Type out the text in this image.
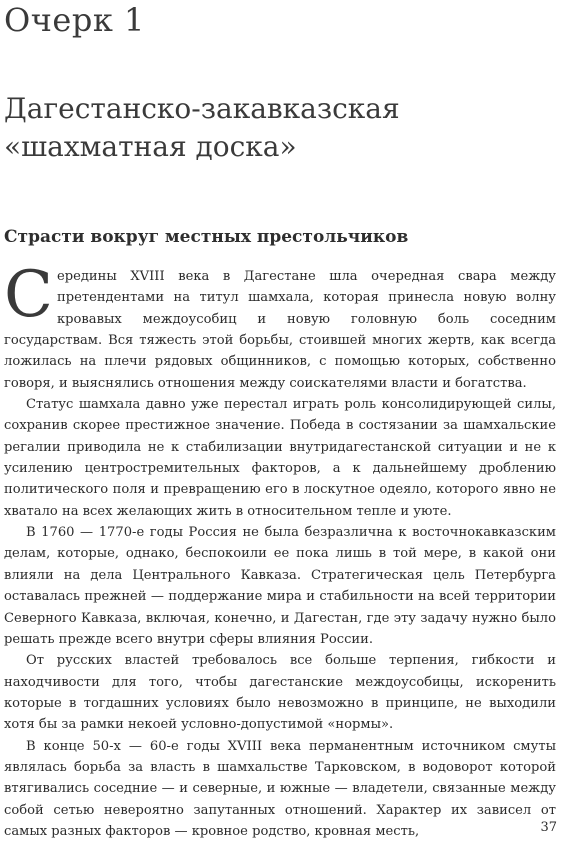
Очерк 1
Дагестанско-закавказская
«шахматная доска»
Страсти вокруг местных престольчиков

Середины XVIII века в Дагестане шла очередная свара между претендентами на титул шамхала, которая принесла новую волну кровавых междоусобиц и новую головную боль соседним государствам. Вся тяжесть этой борьбы, стоившей многих жертв, как всегда ложилась на плечи рядовых общинников, с помощью которых, собственно говоря, и выяснялись отношения между соискателями власти и богатства.

Статус шамхала давно уже перестал играть роль консолидирующей силы, сохранив скорее престижное значение. Победа в состязании за шамхальские регалии приводила не к стабилизации внутридагестанской ситуации и не к усилению центростремительных факторов, а к дальнейшему дроблению политического поля и превращению его в лоскутное одеяло, которого явно не хватало на всех желающих жить в относительном тепле и уюте.

В 1760 — 1770-е годы Россия не была безразлична к восточнокавказским делам, которые, однако, беспокоили ее пока лишь в той мере, в какой они влияли на дела Центрального Кавказа. Стратегическая цель Петербурга оставалась прежней — поддержание мира и стабильности на всей территории Северного Кавказа, включая, конечно, и Дагестан, где эту задачу нужно было решать прежде всего внутри сферы влияния России.

От русских властей требовалось все больше терпения, гибкости и находчивости для того, чтобы дагестанские междоусобицы, искоренить которые в тогдашних условиях было невозможно в принципе, не выходили хотя бы за рамки некоей условно-допустимой «нормы».

В конце 50-х — 60-е годы XVIII века перманентным источником смуты являлась борьба за власть в шамхальстве Тарковском, в водоворот которой втягивались соседние — и северные, и южные — владетели, связанные между собой сетью невероятно запутанных отношений. Характер их зависел от самых разных факторов — кровное родство, кровная месть,	37
